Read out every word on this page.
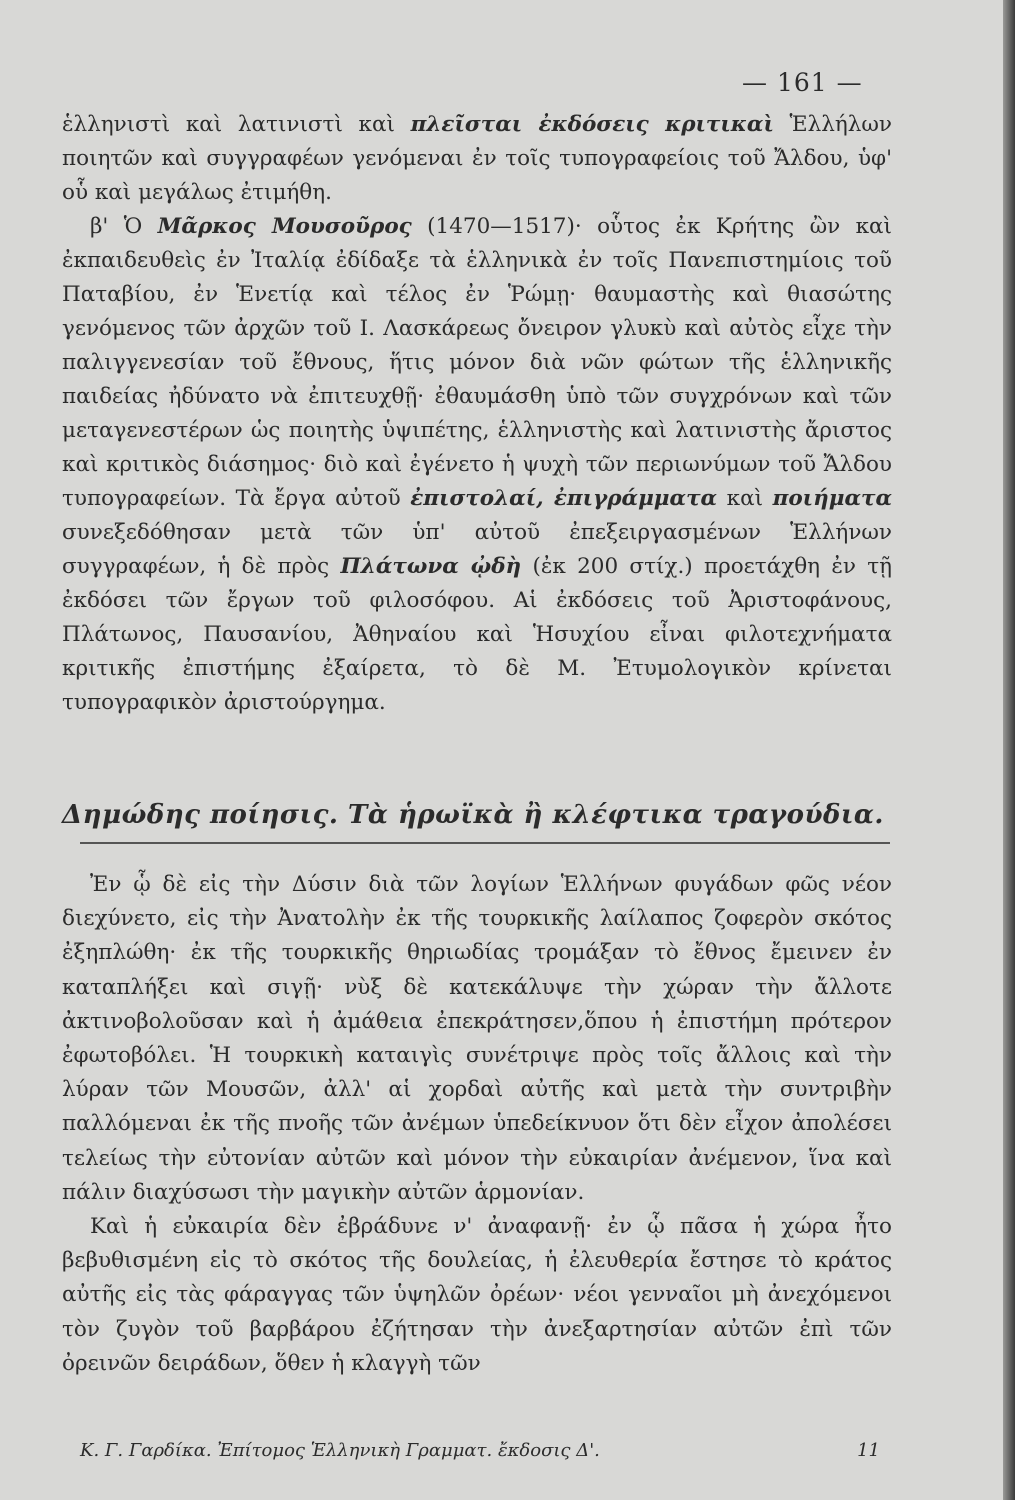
— 161 —

ἑλληνιστὶ καὶ λατινιστὶ καὶ πλεῖσται ἐκδόσεις κριτικαὶ Ἑλλήλων ποιητῶν καὶ συγγραφέων γενόμεναι ἐν τοῖς τυπογραφείοις τοῦ Ἄλδου, ὑφ' οὗ καὶ μεγάλως ἐτιμήθη.

β' Ὁ Μᾶρκος Μουσοῦρος (1470—1517)· οὗτος ἐκ Κρήτης ὢν καὶ ἐκπαιδευθεὶς ἐν Ἰταλίᾳ ἐδίδαξε τὰ ἑλληνικὰ ἐν τοῖς Πανεπιστημίοις τοῦ Παταβίου, ἐν Ἑνετίᾳ καὶ τέλος ἐν Ῥώμῃ· θαυμαστὴς καὶ θιασώτης γενόμενος τῶν ἀρχῶν τοῦ Ι. Λασκάρεως ὄνειρον γλυκὺ καὶ αὐτὸς εἶχε τὴν παλιγγενεσίαν τοῦ ἔθνους, ἥτις μόνον διὰ νῶν φώτων τῆς ἑλληνικῆς παιδείας ἠδύνατο νὰ ἐπιτευχθῇ· ἐθαυμάσθη ὑπὸ τῶν συγχρόνων καὶ τῶν μεταγενεστέρων ὡς ποιητὴς ὑψιπέτης, ἑλληνιστὴς καὶ λατινιστὴς ἄριστος καὶ κριτικὸς διάσημος· διὸ καὶ ἐγένετο ἡ ψυχὴ τῶν περιωνύμων τοῦ Ἄλδου τυπογραφείων. Τὰ ἔργα αὐτοῦ ἐπιστολαί, ἐπιγράμματα καὶ ποιήματα συνεξεδόθησαν μετὰ τῶν ὑπ' αὐτοῦ ἐπεξειργασμένων Ἑλλήνων συγγραφέων, ἡ δὲ πρὸς Πλάτωνα ᾠδὴ (ἐκ 200 στίχ.) προετάχθη ἐν τῇ ἐκδόσει τῶν ἔργων τοῦ φιλοσόφου. Αἱ ἐκδόσεις τοῦ Ἀριστοφάνους, Πλάτωνος, Παυσανίου, Ἀθηναίου καὶ Ἡσυχίου εἶναι φιλοτεχνήματα κριτικῆς ἐπιστήμης ἐξαίρετα, τὸ δὲ Μ. Ἐτυμολογικὸν κρίνεται τυπογραφικὸν ἀριστούργημα.

Δημώδης ποίησις. Τὰ ἡρωϊκὰ ἢ κλέφτικα τραγούδια.

Ἐν ᾧ δὲ εἰς τὴν Δύσιν διὰ τῶν λογίων Ἑλλήνων φυγάδων φῶς νέον διεχύνετο, εἰς τὴν Ἀνατολὴν ἐκ τῆς τουρκικῆς λαίλαπος ζοφερὸν σκότος ἐξηπλώθη· ἐκ τῆς τουρκικῆς θηριωδίας τρομάξαν τὸ ἔθνος ἔμεινεν ἐν καταπλήξει καὶ σιγῇ· νὺξ δὲ κατεκάλυψε τὴν χώραν τὴν ἄλλοτε ἀκτινοβολοῦσαν καὶ ἡ ἀμάθεια ἐπεκράτησεν,ὅπου ἡ ἐπιστήμη πρότερον ἐφωτοβόλει. Ἡ τουρκικὴ καταιγὶς συνέτριψε πρὸς τοῖς ἄλλοις καὶ τὴν λύραν τῶν Μουσῶν, ἀλλ' αἱ χορδαὶ αὐτῆς καὶ μετὰ τὴν συντριβὴν παλλόμεναι ἐκ τῆς πνοῆς τῶν ἀνέμων ὑπεδείκνυον ὅτι δὲν εἶχον ἀπολέσει τελείως τὴν εὐτονίαν αὐτῶν καὶ μόνον τὴν εὐκαιρίαν ἀνέμενον, ἵνα καὶ πάλιν διαχύσωσι τὴν μαγικὴν αὐτῶν ἁρμονίαν.

Καὶ ἡ εὐκαιρία δὲν ἐβράδυνε ν' ἀναφανῇ· ἐν ᾧ πᾶσα ἡ χώρα ἦτο βεβυθισμένη εἰς τὸ σκότος τῆς δουλείας, ἡ ἐλευθερία ἔστησε τὸ κράτος αὐτῆς εἰς τὰς φάραγγας τῶν ὑψηλῶν ὀρέων· νέοι γενναῖοι μὴ ἀνεχόμενοι τὸν ζυγὸν τοῦ βαρβάρου ἐζήτησαν τὴν ἀνεξαρτησίαν αὐτῶν ἐπὶ τῶν ὀρεινῶν δειράδων, ὅθεν ἡ κλαγγὴ τῶν

Κ. Γ. Γαρδίκα. Ἐπίτομος Ἑλληνικὴ Γραμματ. ἔκδοσις Δ'.	11
